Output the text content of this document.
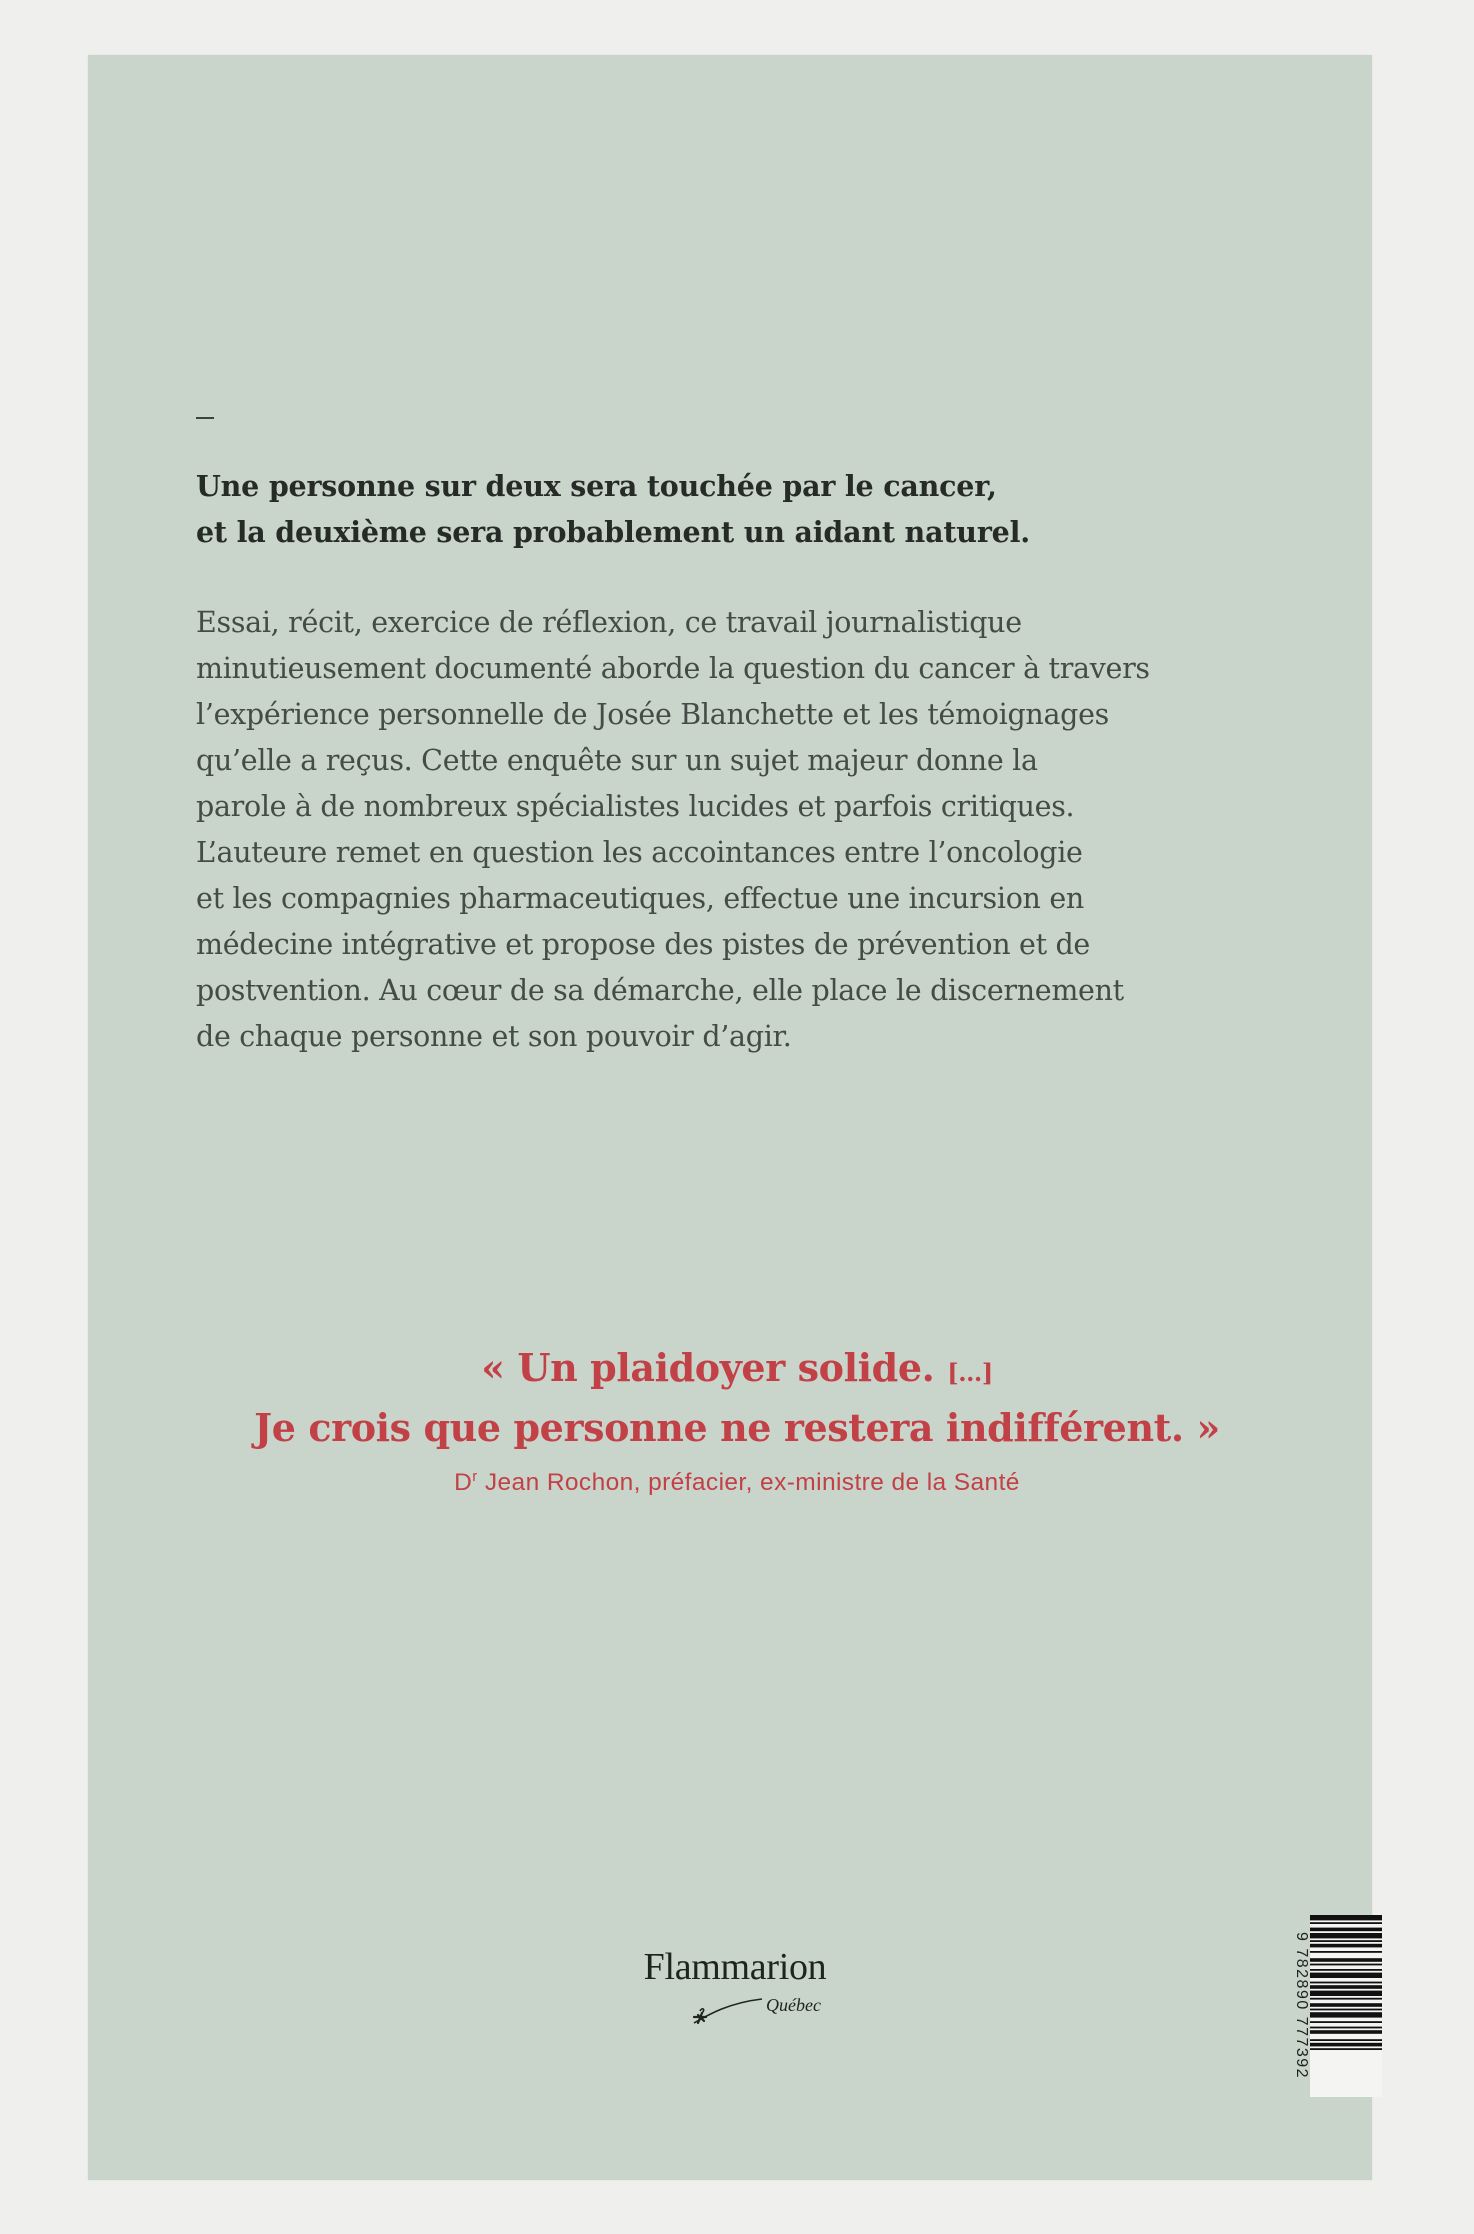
Une personne sur deux sera touchée par le cancer,
et la deuxième sera probablement un aidant naturel.
Essai, récit, exercice de réflexion, ce travail journalistique
minutieusement documenté aborde la question du cancer à travers
l’expérience personnelle de Josée Blanchette et les témoignages
qu’elle a reçus. Cette enquête sur un sujet majeur donne la
parole à de nombreux spécialistes lucides et parfois critiques.
L’auteure remet en question les accointances entre l’oncologie
et les compagnies pharmaceutiques, effectue une incursion en
médecine intégrative et propose des pistes de prévention et de
postvention. Au cœur de sa démarche, elle place le discernement
de chaque personne et son pouvoir d’agir.
« Un plaidoyer solide. […]
Je crois que personne ne restera indifférent. »
$D^r$ Jean Rochon, préfacier, ex-ministre de la Santé
Flammarion
Québec	9 782890 777392
